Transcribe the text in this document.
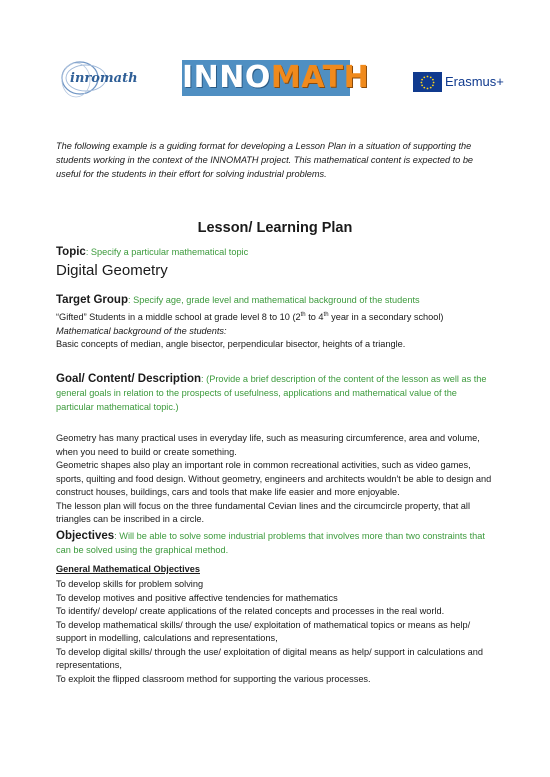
inromath INNOMATH	Erasmus+
The following example is a guiding format for developing a Lesson Plan in a situation of supporting the students working in the context of the INNOMATH project. This mathematical content is expected to be useful for the students in their effort for solving industrial problems.
Lesson/ Learning Plan
Topic: Specify a particular mathematical topic
Digital Geometry
Target Group: Specify age, grade level and mathematical background of the students
“Gifted” Students in a middle school at grade level 8 to 10 (2th to 4th year in a secondary school)
Mathematical background of the students:
Basic concepts of median, angle bisector, perpendicular bisector, heights of a triangle.
Goal/ Content/ Description: (Provide a brief description of the content of the lesson as well as the general goals in relation to the prospects of usefulness, applications and mathematical value of the particular mathematical topic.)
Geometry has many practical uses in everyday life, such as measuring circumference, area and volume, when you need to build or create something.
Geometric shapes also play an important role in common recreational activities, such as video games, sports, quilting and food design. Without geometry, engineers and architects wouldn't be able to design and construct houses, buildings, cars and tools that make life easier and more enjoyable.
The lesson plan will focus on the three fundamental Cevian lines and the circumcircle property, that all triangles can be inscribed in a circle.
Objectives: Will be able to solve some industrial problems that involves more than two constraints that can be solved using the graphical method.
General Mathematical Objectives
To develop skills for problem solving
To develop motives and positive affective tendencies for mathematics
To identify/ develop/ create applications of the related concepts and processes in the real world.
To develop mathematical skills/ through the use/ exploitation of mathematical topics or means as help/ support in modelling, calculations and representations,
To develop digital skills/ through the use/ exploitation of digital means as help/ support in calculations and representations,
To exploit the flipped classroom method for supporting the various processes.
